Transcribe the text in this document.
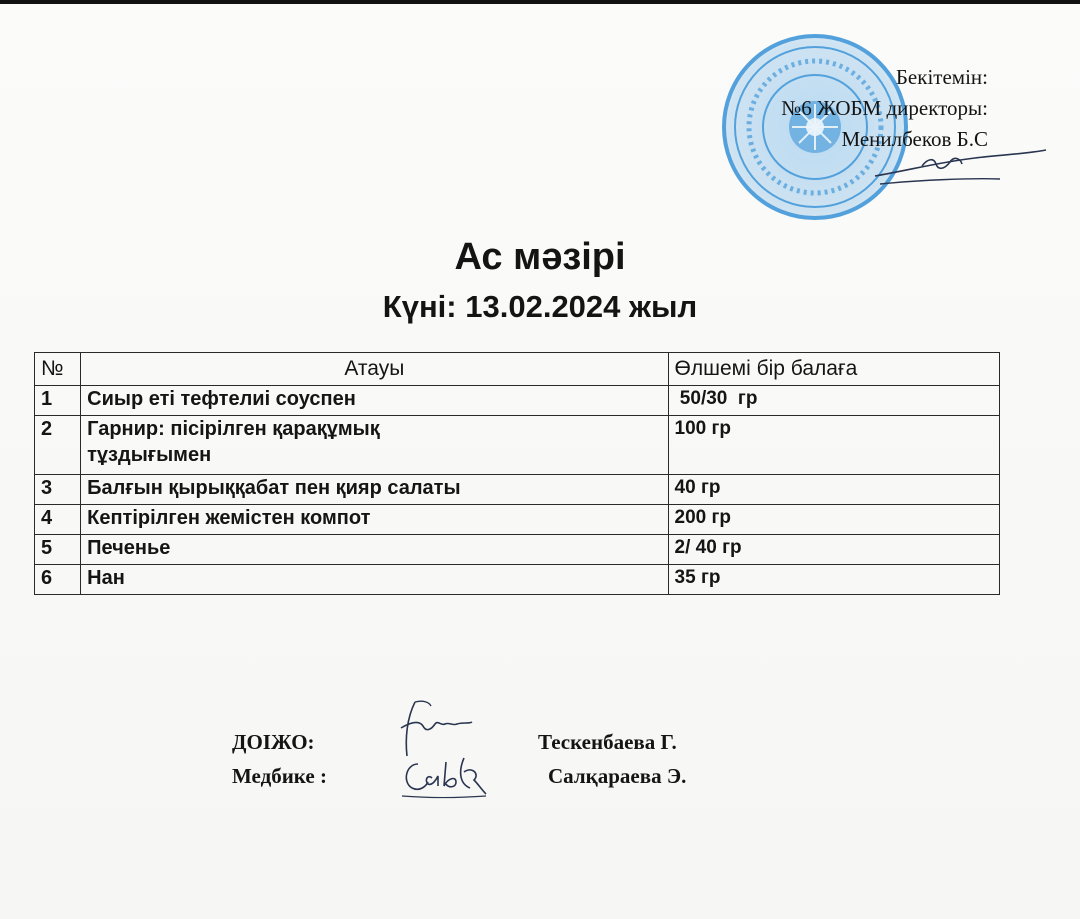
Бекітемін:
№6 ЖОБМ директоры:
Менилбеков Б.С
Ас мәзірі
Күні: 13.02.2024 жыл
№	Атауы	Өлшемі бір балаға
1	Сиыр еті тефтелиі соуспен	50/30  гр
2	Гарнир: пісірілген қарақұмық тұздығымен	100 гр
3	Балғын қырыққабат пен қияр салаты	40 гр
4	Кептірілген жемістен компот	200 гр
5	Печенье	2/ 40 гр
6	Нан	35 гр
ДОІЖО:	Тескенбаева Г.
Медбике :	Салқараева Э.
